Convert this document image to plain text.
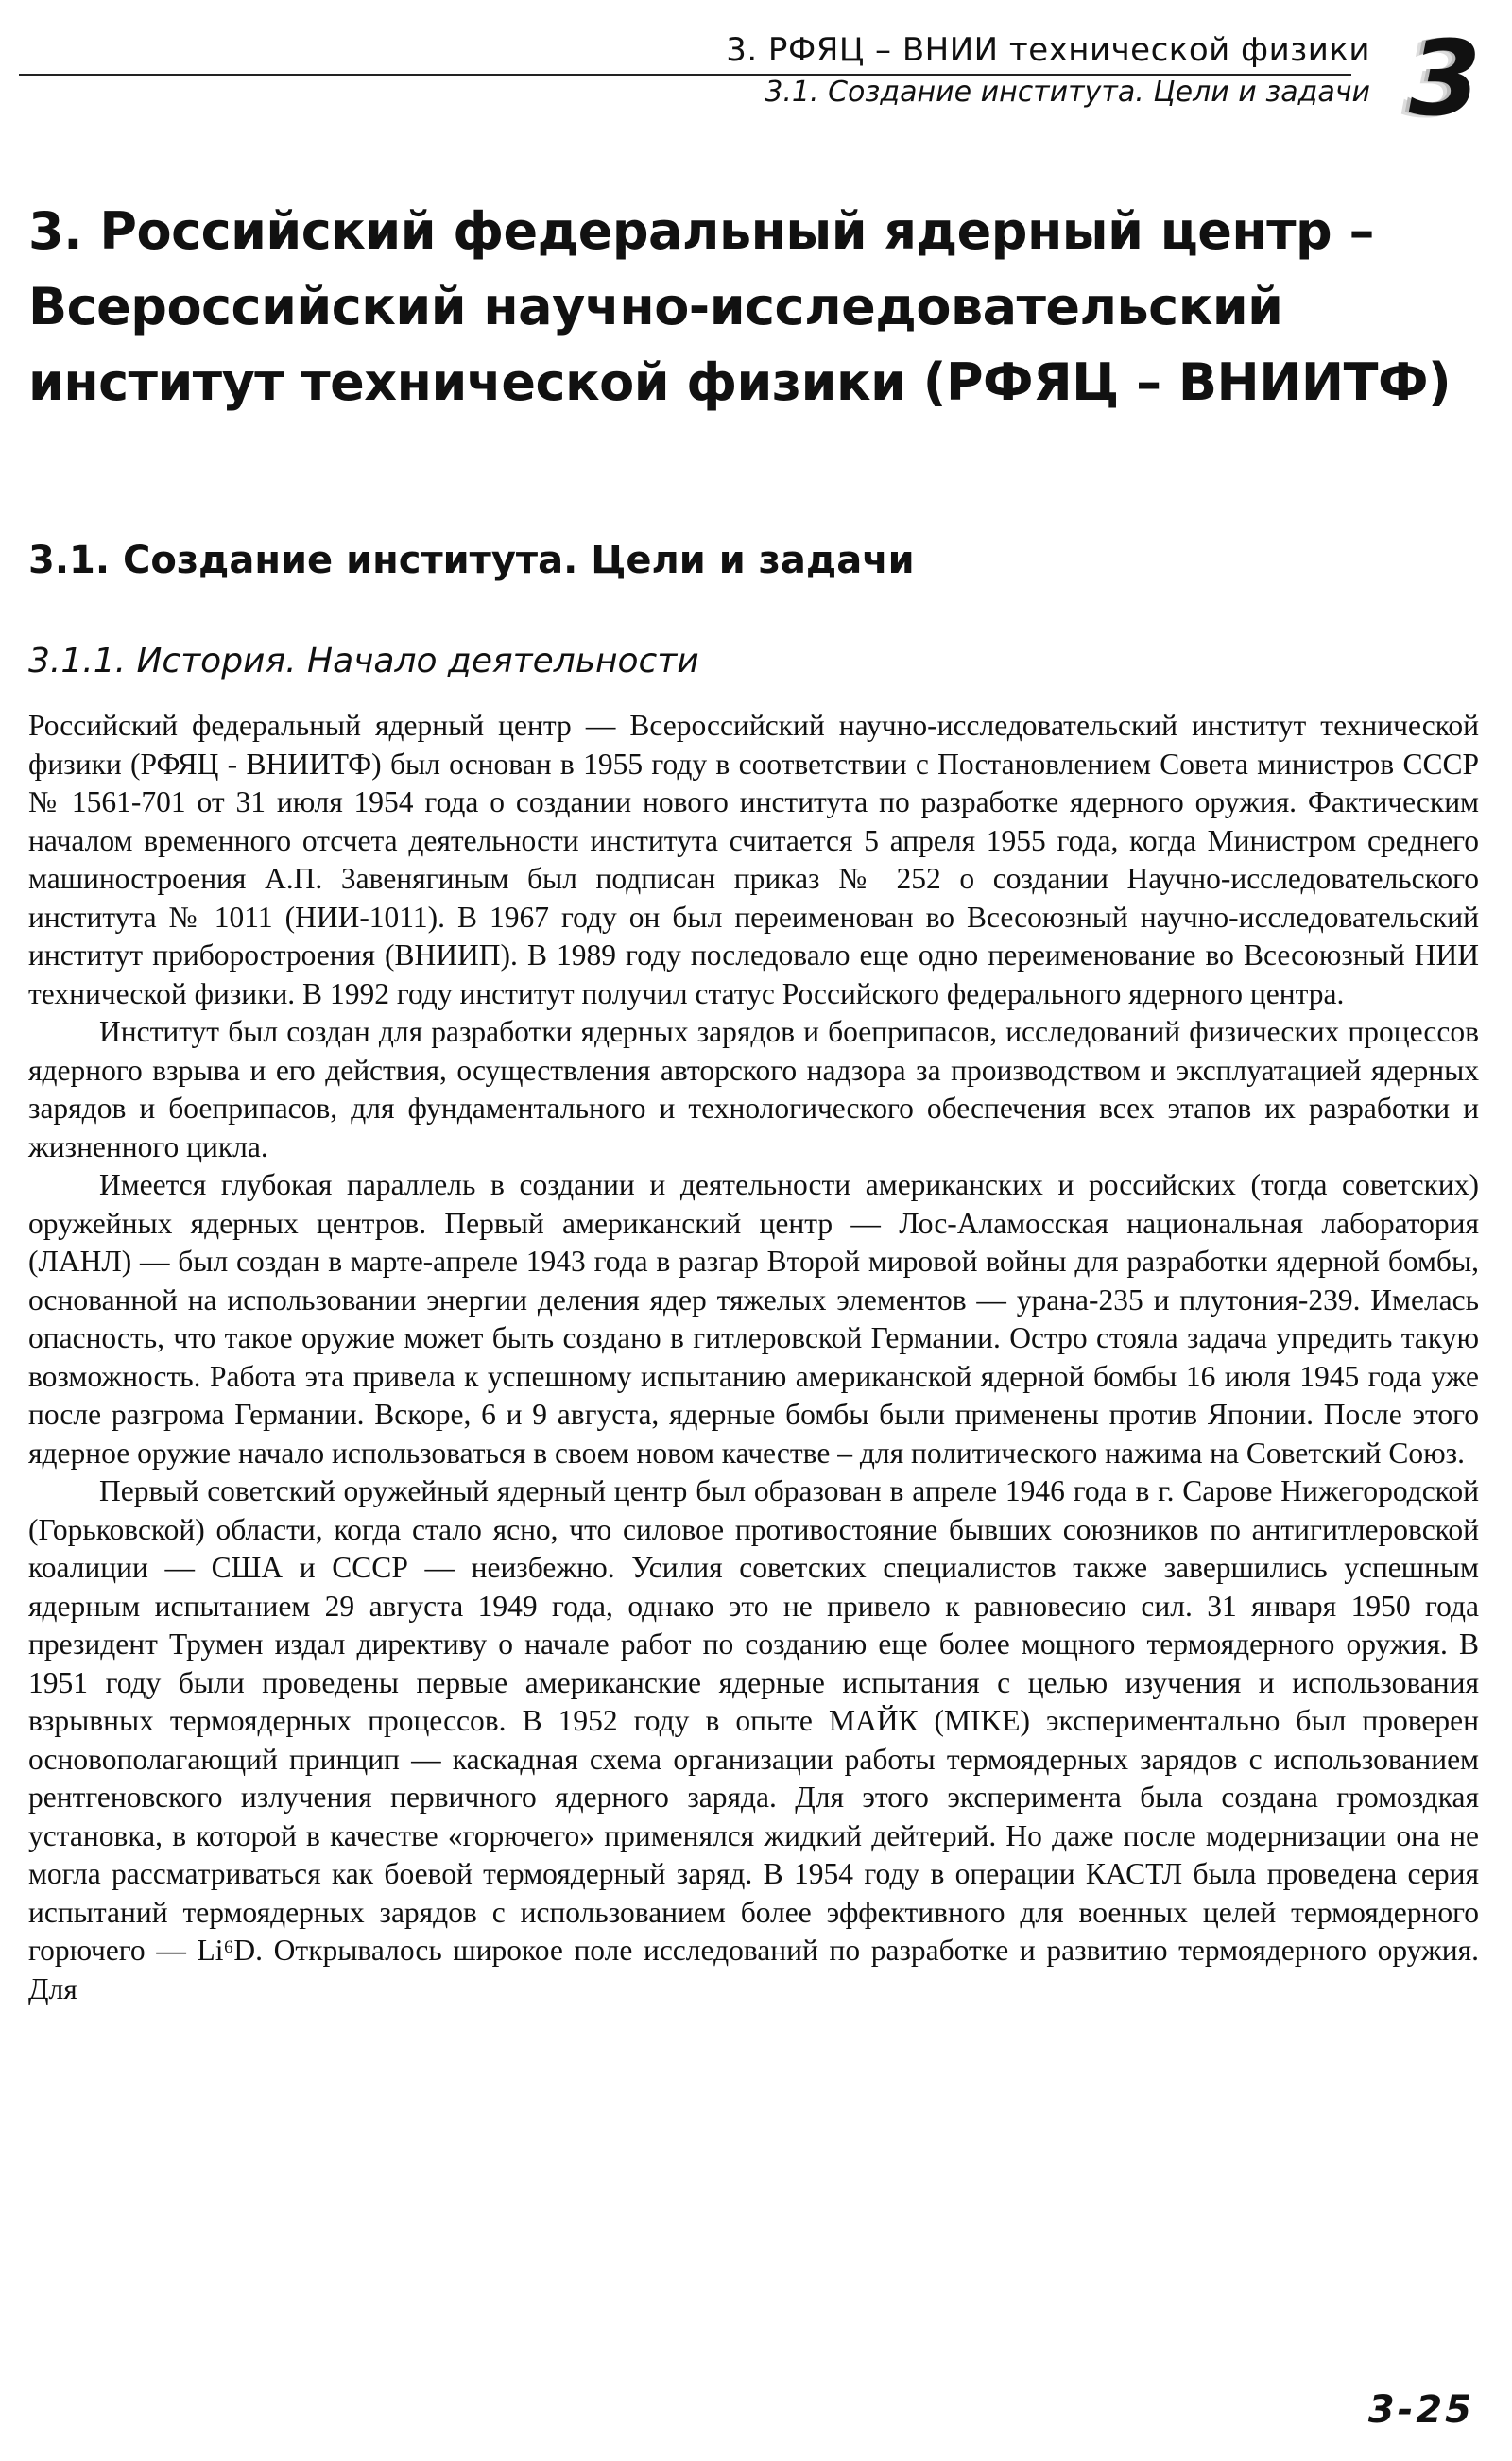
3. РФЯЦ – ВНИИ технической физики
3.1. Создание института. Цели и задачи 3
3. Российский федеральный ядерный центр – Всероссийский научно-исследовательский институт технической физики (РФЯЦ – ВНИИТФ)
3.1. Создание института. Цели и задачи
3.1.1. История. Начало деятельности

Российский федеральный ядерный центр — Всероссийский научно-исследовательский институт технической физики (РФЯЦ - ВНИИТФ) был основан в 1955 году в соответствии с Постановлением Совета министров СССР № 1561-701 от 31 июля 1954 года о создании нового института по разработке ядерного оружия. Фактическим началом временного отсчета деятельности института считается 5 апреля 1955 года, когда Министром среднего машиностроения А.П. Завенягиным был подписан приказ № 252 о создании Научно-исследовательского института № 1011 (НИИ-1011). В 1967 году он был переименован во Всесоюзный научно-исследовательский институт приборостроения (ВНИИП). В 1989 году последовало еще одно переименование во Всесоюзный НИИ технической физики. В 1992 году институт получил статус Российского федерального ядерного центра.

Институт был создан для разработки ядерных зарядов и боеприпасов, исследований физических процессов ядерного взрыва и его действия, осуществления авторского надзора за производством и эксплуатацией ядерных зарядов и боеприпасов, для фундаментального и технологического обеспечения всех этапов их разработки и жизненного цикла.

Имеется глубокая параллель в создании и деятельности американских и российских (тогда советских) оружейных ядерных центров. Первый американский центр — Лос-Аламосская национальная лаборатория (ЛАНЛ) — был создан в марте-апреле 1943 года в разгар Второй мировой войны для разработки ядерной бомбы, основанной на использовании энергии деления ядер тяжелых элементов — урана-235 и плутония-239. Имелась опасность, что такое оружие может быть создано в гитлеровской Германии. Остро стояла задача упредить такую возможность. Работа эта привела к успешному испытанию американской ядерной бомбы 16 июля 1945 года уже после разгрома Германии. Вскоре, 6 и 9 августа, ядерные бомбы были применены против Японии. После этого ядерное оружие начало использоваться в своем новом качестве – для политического нажима на Советский Союз.

Первый советский оружейный ядерный центр был образован в апреле 1946 года в г. Сарове Нижегородской (Горьковской) области, когда стало ясно, что силовое противостояние бывших союзников по антигитлеровской коалиции — США и СССР — неизбежно. Усилия советских специалистов также завершились успешным ядерным испытанием 29 августа 1949 года, однако это не привело к равновесию сил. 31 января 1950 года президент Трумен издал директиву о начале работ по созданию еще более мощного термоядерного оружия. В 1951 году были проведены первые американские ядерные испытания с целью изучения и использования взрывных термоядерных процессов. В 1952 году в опыте МАЙК (MIKE) экспериментально был проверен основополагающий принцип — каскадная схема организации работы термоядерных зарядов с использованием рентгеновского излучения первичного ядерного заряда. Для этого эксперимента была создана громоздкая установка, в которой в качестве «горючего» применялся жидкий дейтерий. Но даже после модернизации она не могла рассматриваться как боевой термоядерный заряд. В 1954 году в операции КАСТЛ была проведена серия испытаний термоядерных зарядов с использованием более эффективного для военных целей термоядерного горючего — Li⁶D. Открывалось широкое поле исследований по разработке и развитию термоядерного оружия. Для

3-25
